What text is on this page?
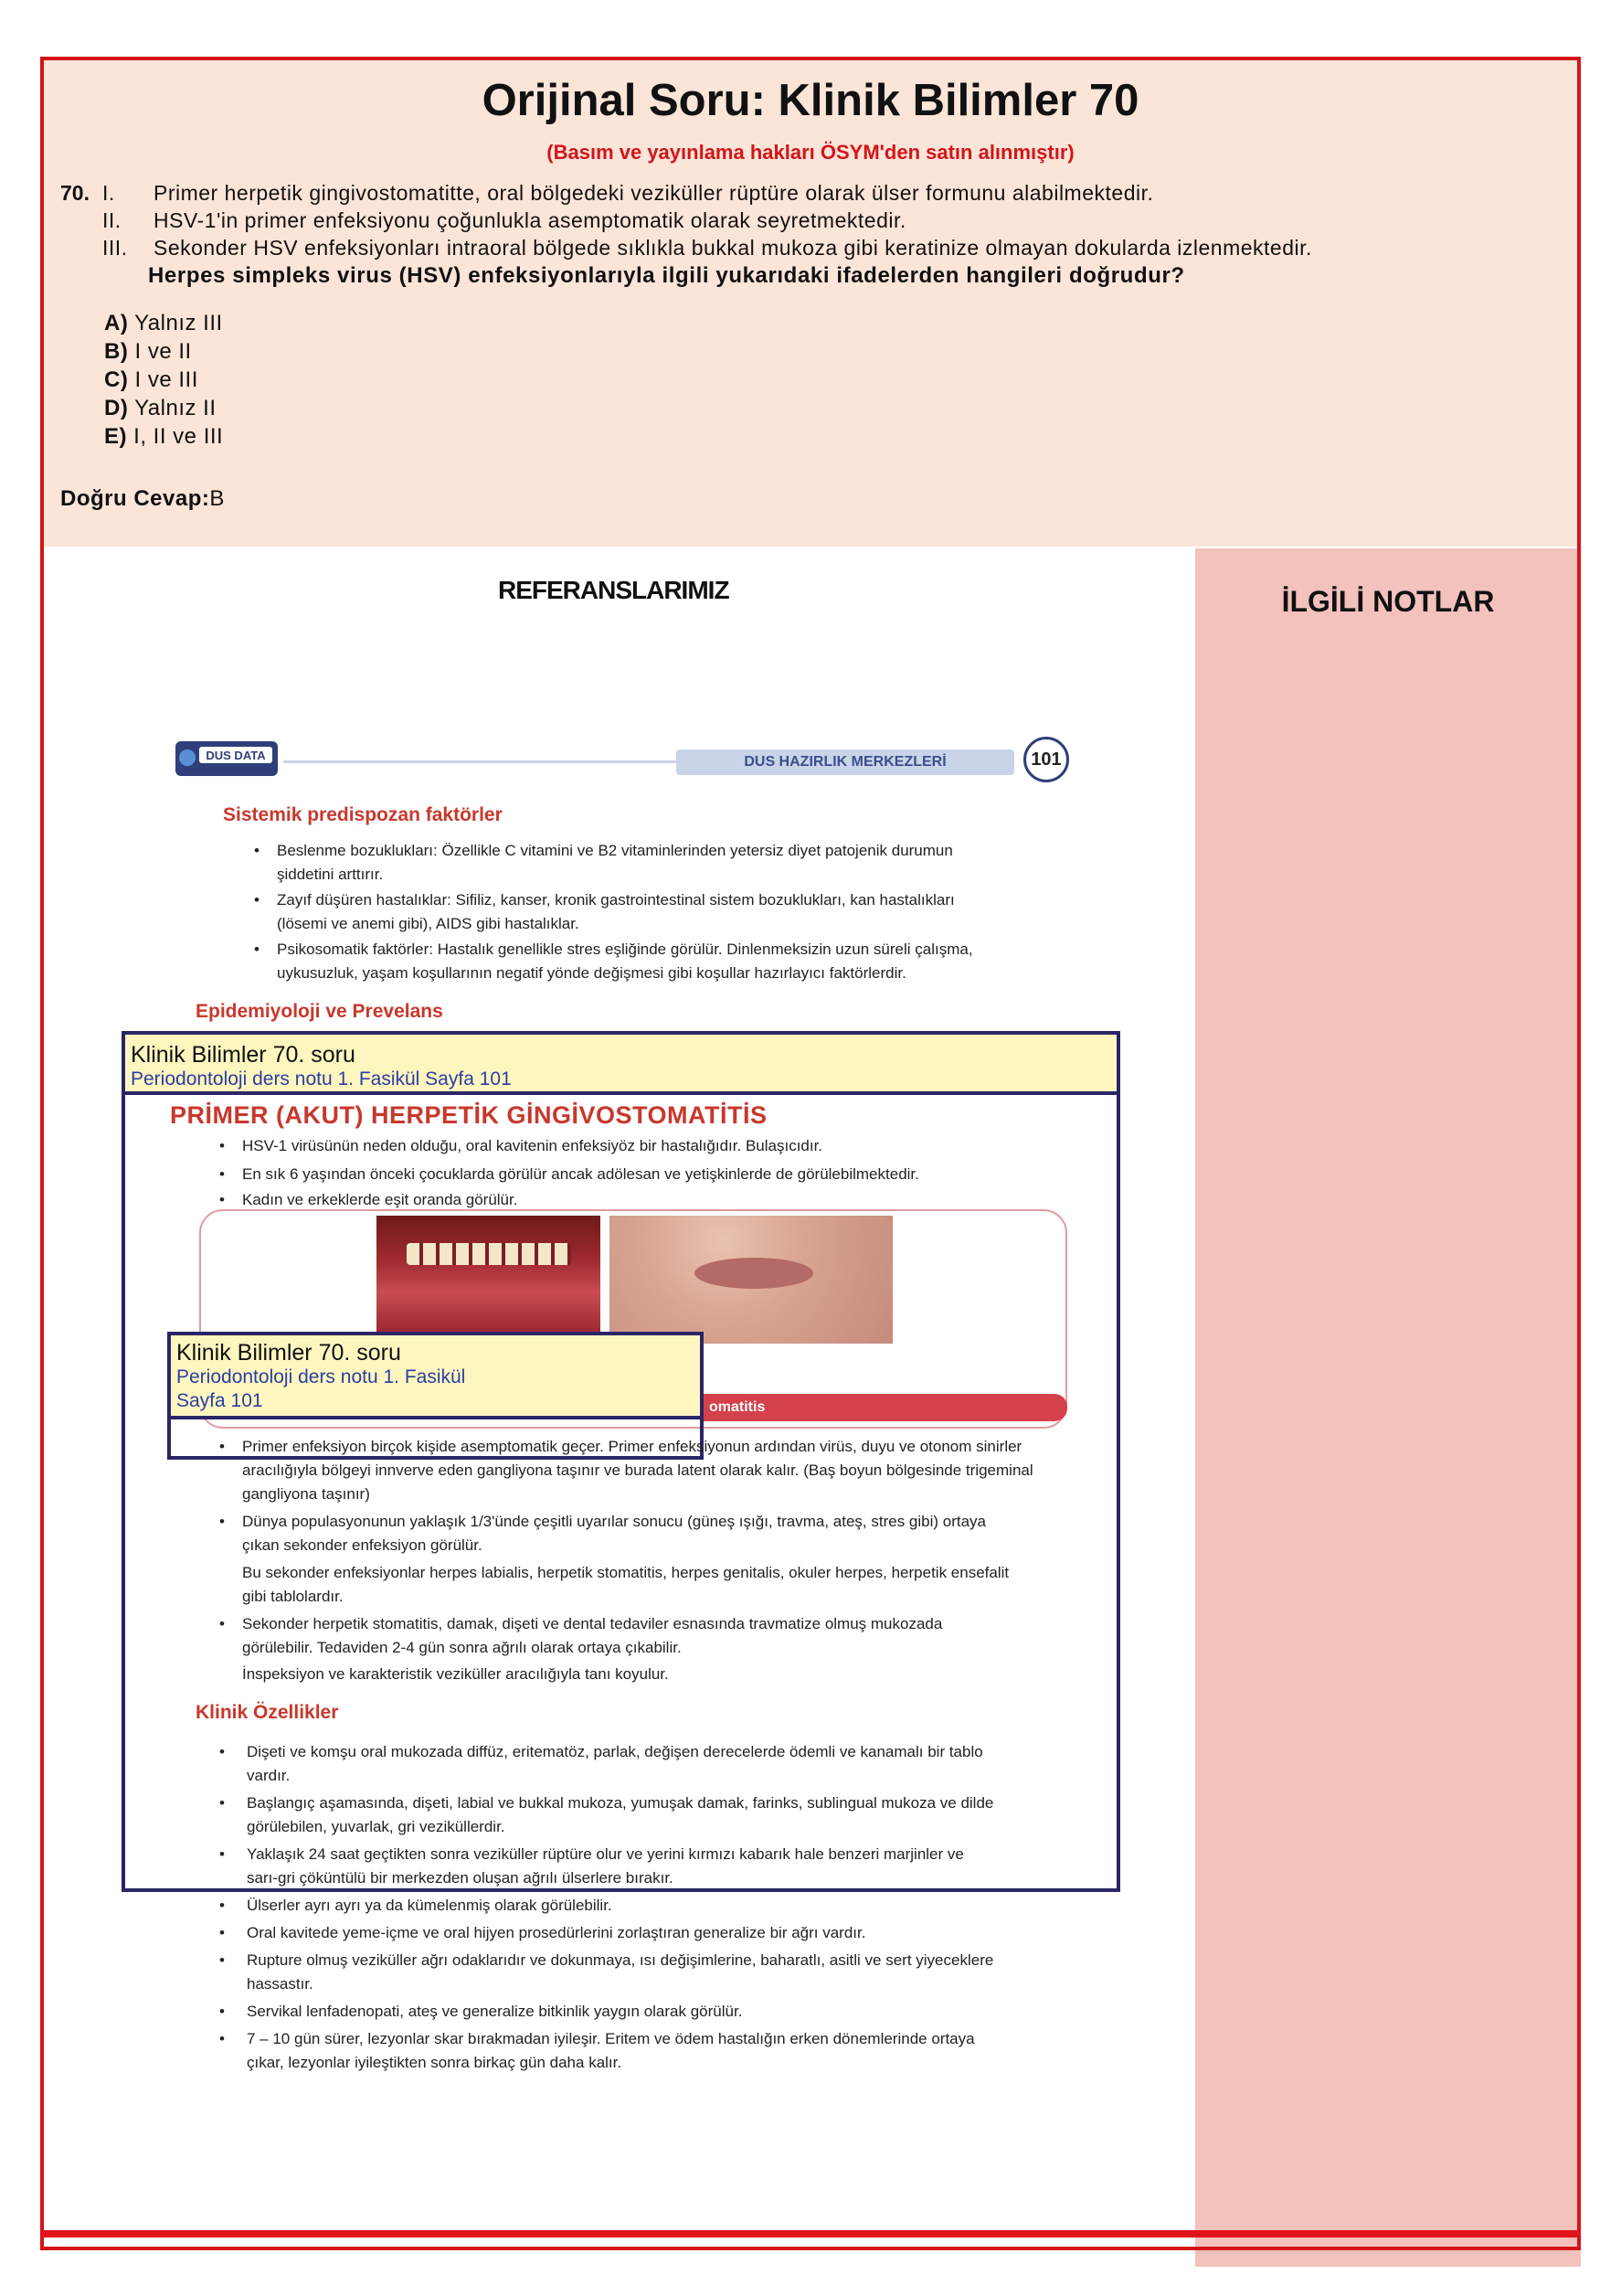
Orijinal Soru: Klinik Bilimler 70
(Basım ve yayınlama hakları ÖSYM'den satın alınmıştır)
70. I. Primer herpetik gingivostomatitte, oral bölgedeki veziküller rüptüre olarak ülser formunu alabilmektedir.
II. HSV-1'in primer enfeksiyonu çoğunlukla asemptomatik olarak seyretmektedir.
III. Sekonder HSV enfeksiyonları intraoral bölgede sıklıkla bukkal mukoza gibi keratinize olmayan dokularda izlenmektedir.
Herpes simpleks virus (HSV) enfeksiyonlarıyla ilgili yukarıdaki ifadelerden hangileri doğrudur?
A) Yalnız III
B) I ve II
C) I ve III
D) Yalnız II
E) I, II ve III
Doğru Cevap:B
REFERANSLARIMIZ	İLGİLİ NOTLAR
DUS DATA	DUS HAZIRLIK MERKEZLERİ	101
Sistemik predispozan faktörler
• Beslenme bozuklukları: Özellikle C vitamini ve B2 vitaminlerinden yetersiz diyet patojenik durumun
şiddetini arttırır.
• Zayıf düşüren hastalıklar: Sifiliz, kanser, kronik gastrointestinal sistem bozuklukları, kan hastalıkları
(lösemi ve anemi gibi), AIDS gibi hastalıklar.
• Psikosomatik faktörler: Hastalık genellikle stres eşliğinde görülür. Dinlenmeksizin uzun süreli çalışma,
uykusuzluk, yaşam koşullarının negatif yönde değişmesi gibi koşullar hazırlayıcı faktörlerdir.
Epidemiyoloji ve Prevelans
Klinik Bilimler 70. soru
Periodontoloji ders notu 1. Fasikül Sayfa 101
PRİMER (AKUT) HERPETİK GİNGİVOSTOMATİTİS
• HSV-1 virüsünün neden olduğu, oral kavitenin enfeksiyöz bir hastalığıdır. Bulaşıcıdır.
• En sık 6 yaşından önceki çocuklarda görülür ancak adölesan ve yetişkinlerde de görülebilmektedir.
• Kadın ve erkeklerde eşit oranda görülür.
omatitis
Klinik Bilimler 70. soru
Periodontoloji ders notu 1. Fasikül
Sayfa 101
• Primer enfeksiyon birçok kişide asemptomatik geçer. Primer enfeksiyonun ardından virüs, duyu ve otonom sinirler
aracılığıyla bölgeyi innverve eden gangliyona taşınır ve burada latent olarak kalır. (Baş boyun bölgesinde trigeminal
gangliyona taşınır)
• Dünya populasyonunun yaklaşık 1/3'ünde çeşitli uyarılar sonucu (güneş ışığı, travma, ateş, stres gibi) ortaya
çıkan sekonder enfeksiyon görülür.
Bu sekonder enfeksiyonlar herpes labialis, herpetik stomatitis, herpes genitalis, okuler herpes, herpetik ensefalit
gibi tablolardır.
• Sekonder herpetik stomatitis, damak, dişeti ve dental tedaviler esnasında travmatize olmuş mukozada
görülebilir. Tedaviden 2-4 gün sonra ağrılı olarak ortaya çıkabilir.
İnspeksiyon ve karakteristik veziküller aracılığıyla tanı koyulur.
Klinik Özellikler
• Dişeti ve komşu oral mukozada diffüz, eritematöz, parlak, değişen derecelerde ödemli ve kanamalı bir tablo
vardır.
• Başlangıç aşamasında, dişeti, labial ve bukkal mukoza, yumuşak damak, farinks, sublingual mukoza ve dilde
görülebilen, yuvarlak, gri veziküllerdir.
• Yaklaşık 24 saat geçtikten sonra veziküller rüptüre olur ve yerini kırmızı kabarık hale benzeri marjinler ve
sarı-gri çöküntülü bir merkezden oluşan ağrılı ülserlere bırakır.
• Ülserler ayrı ayrı ya da kümelenmiş olarak görülebilir.
• Oral kavitede yeme-içme ve oral hijyen prosedürlerini zorlaştıran generalize bir ağrı vardır.
• Rupture olmuş veziküller ağrı odaklarıdır ve dokunmaya, ısı değişimlerine, baharatlı, asitli ve sert yiyeceklere
hassastır.
• Servikal lenfadenopati, ateş ve generalize bitkinlik yaygın olarak görülür.
• 7 – 10 gün sürer, lezyonlar skar bırakmadan iyileşir. Eritem ve ödem hastalığın erken dönemlerinde ortaya
çıkar, lezyonlar iyileştikten sonra birkaç gün daha kalır.
